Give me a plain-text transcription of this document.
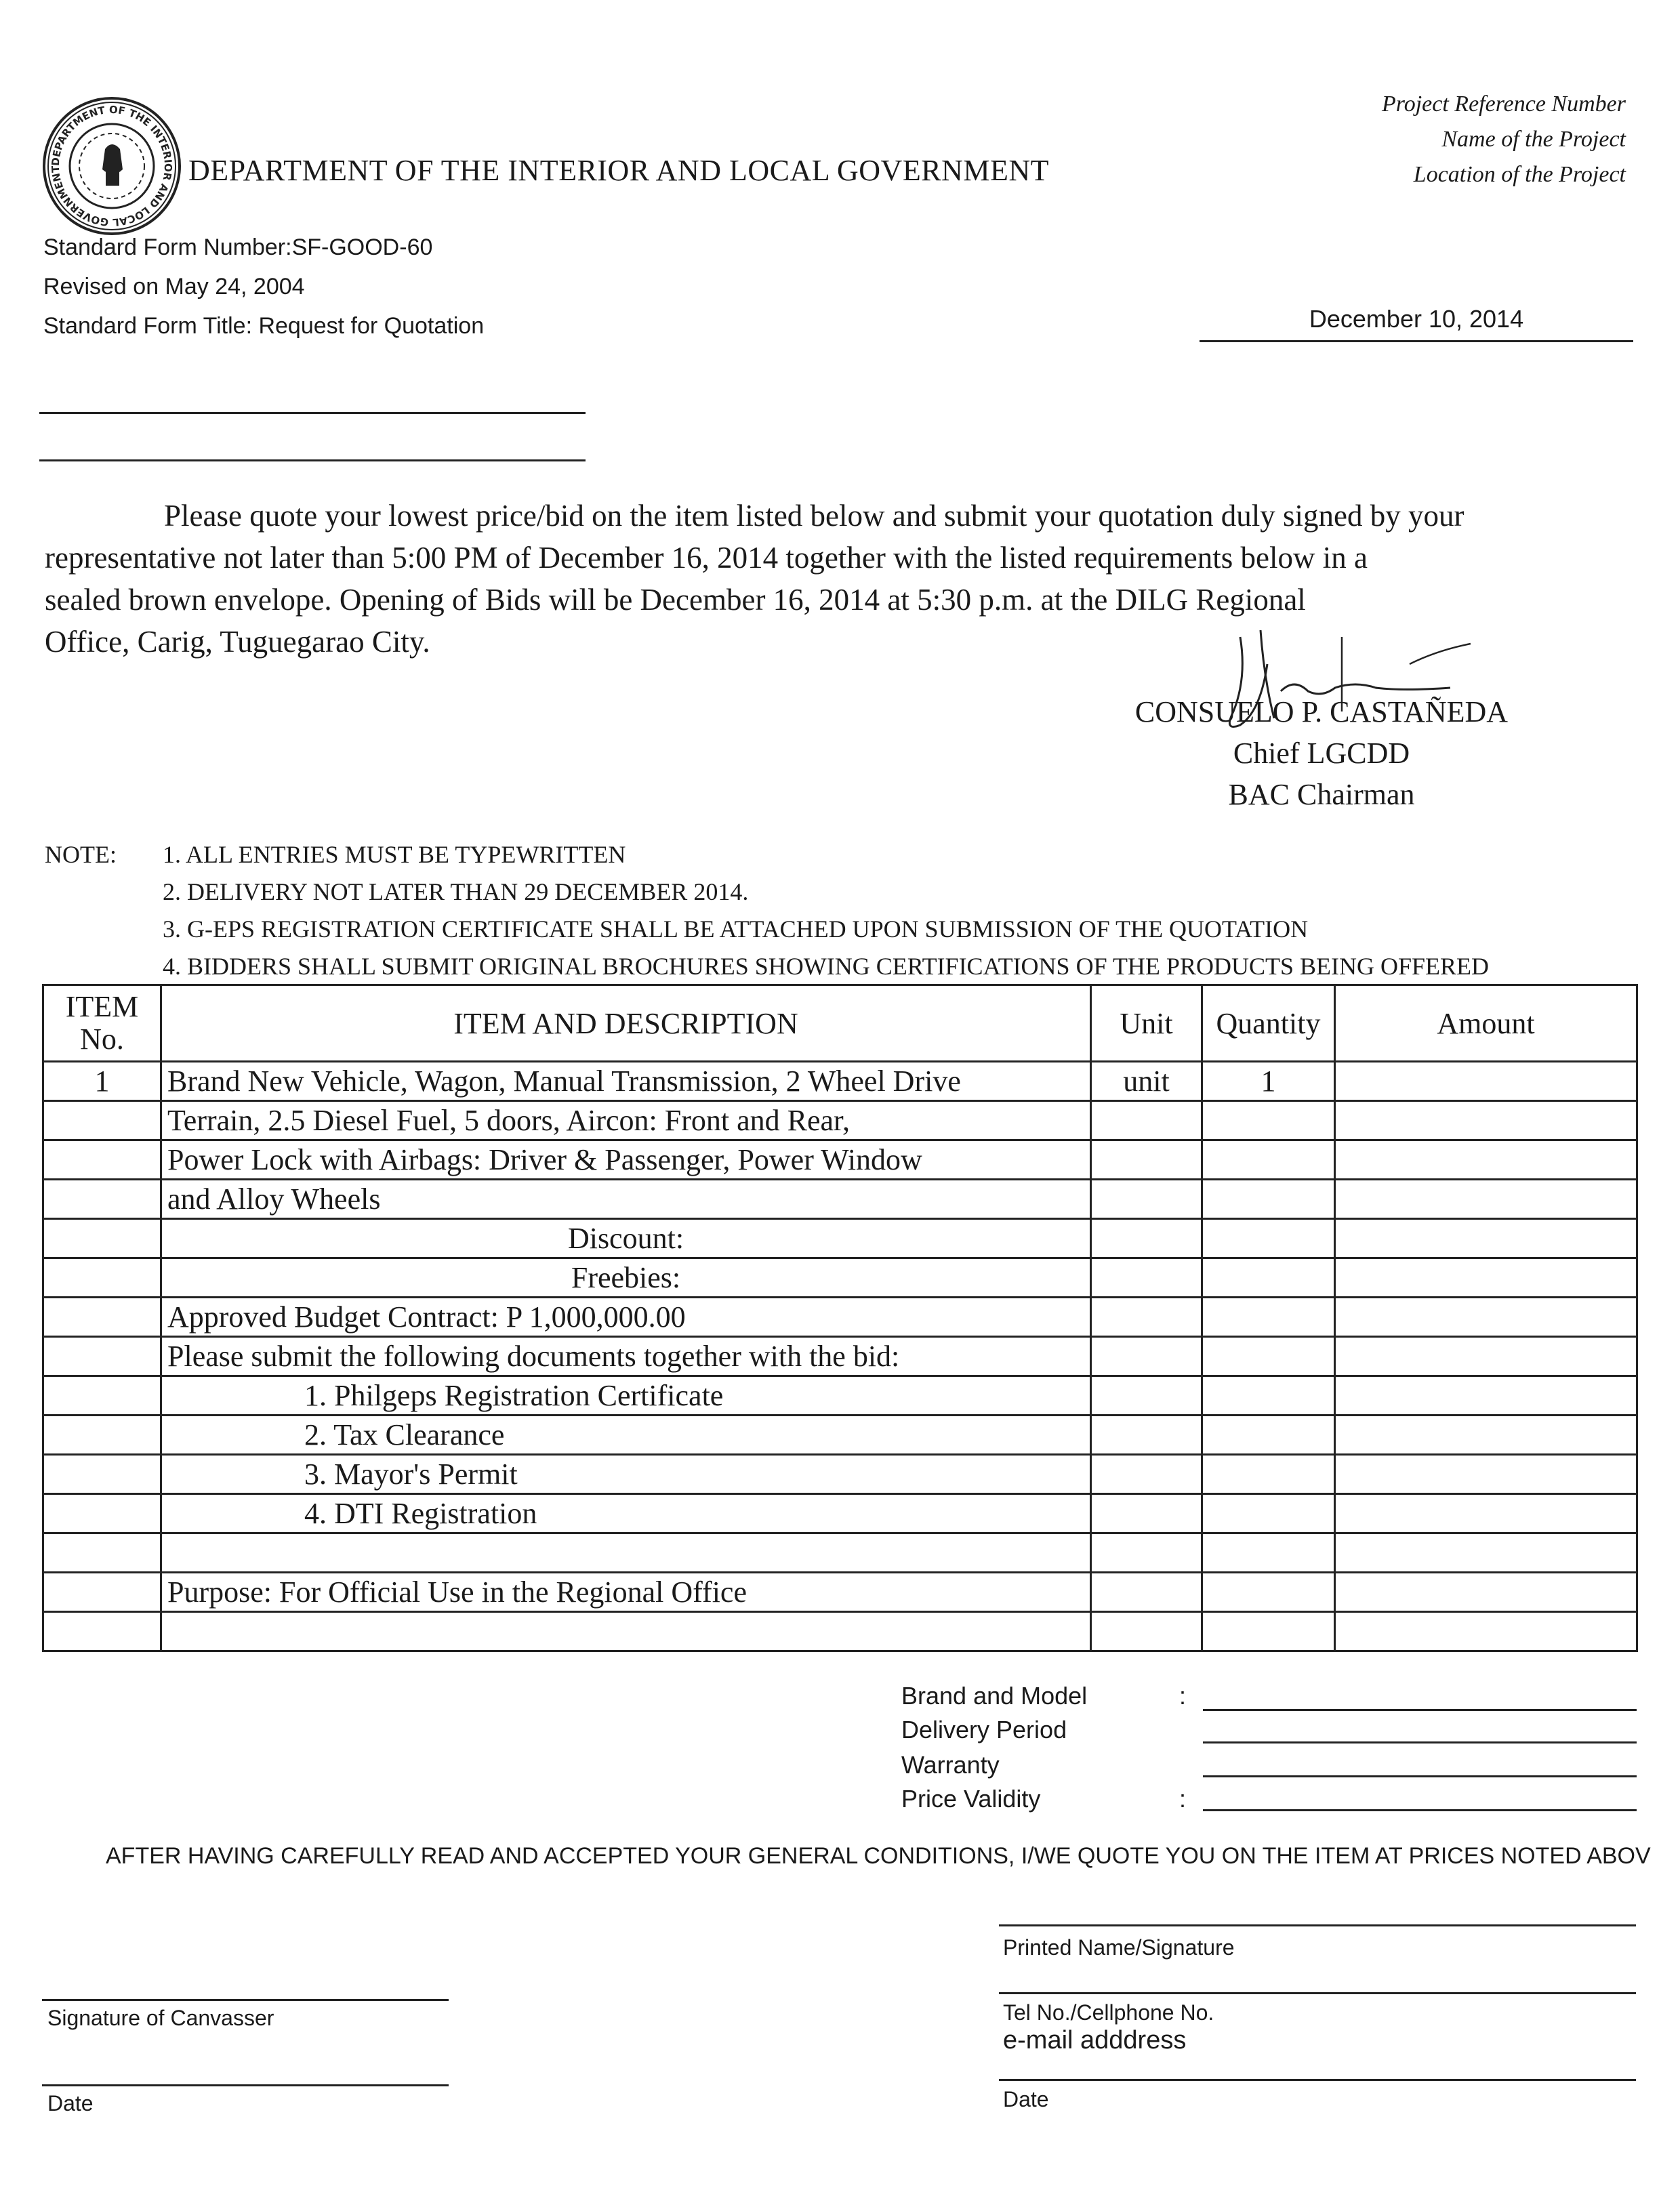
DEPARTMENT OF THE INTERIOR AND LOCAL GOVERNMENT	DEPARTMENT OF THE INTERIOR AND LOCAL GOVERNMENT
Project Reference Number
Name of the Project
Location of the Project
Standard Form Number:SF-GOOD-60
Revised on May 24, 2004
Standard Form Title: Request for Quotation	December 10, 2014
Please quote your lowest price/bid on the item listed below and submit your quotation duly signed by your
representative not later than 5:00 PM of December 16, 2014 together with the listed requirements below in a
sealed brown envelope. Opening of Bids will be December 16, 2014 at 5:30 p.m. at the DILG Regional
Office, Carig, Tuguegarao City.
CONSUELO P. CASTAÑEDA
Chief LGCDD
BAC Chairman
NOTE: 1. ALL ENTRIES MUST BE TYPEWRITTEN
2. DELIVERY NOT LATER THAN 29 DECEMBER 2014.
3. G-EPS REGISTRATION CERTIFICATE SHALL BE ATTACHED UPON SUBMISSION OF THE QUOTATION
4. BIDDERS SHALL SUBMIT ORIGINAL BROCHURES SHOWING CERTIFICATIONS OF THE PRODUCTS BEING OFFERED
ITEM
No.	ITEM AND DESCRIPTION	Unit	Quantity	Amount
1	Brand New Vehicle, Wagon, Manual Transmission, 2 Wheel Drive	unit	1	
	Terrain, 2.5 Diesel Fuel, 5 doors, Aircon: Front and Rear,			
	Power Lock with Airbags: Driver & Passenger, Power Window			
	and Alloy Wheels			
	Discount:			
	Freebies:			
	Approved Budget Contract: P 1,000,000.00			
	Please submit the following documents together with the bid:			
	1. Philgeps Registration Certificate			
	2. Tax Clearance			
	3. Mayor's Permit			
	4. DTI Registration			

	Purpose: For Official Use in the Regional Office			

Brand and Model	:
Delivery Period
Warranty
Price Validity	:
AFTER HAVING CAREFULLY READ AND ACCEPTED YOUR GENERAL CONDITIONS, I/WE QUOTE YOU ON THE ITEM AT PRICES NOTED ABOV
Printed Name/Signature
Tel No./Cellphone No.
e-mail adddress
Date
Signature of Canvasser
Date
